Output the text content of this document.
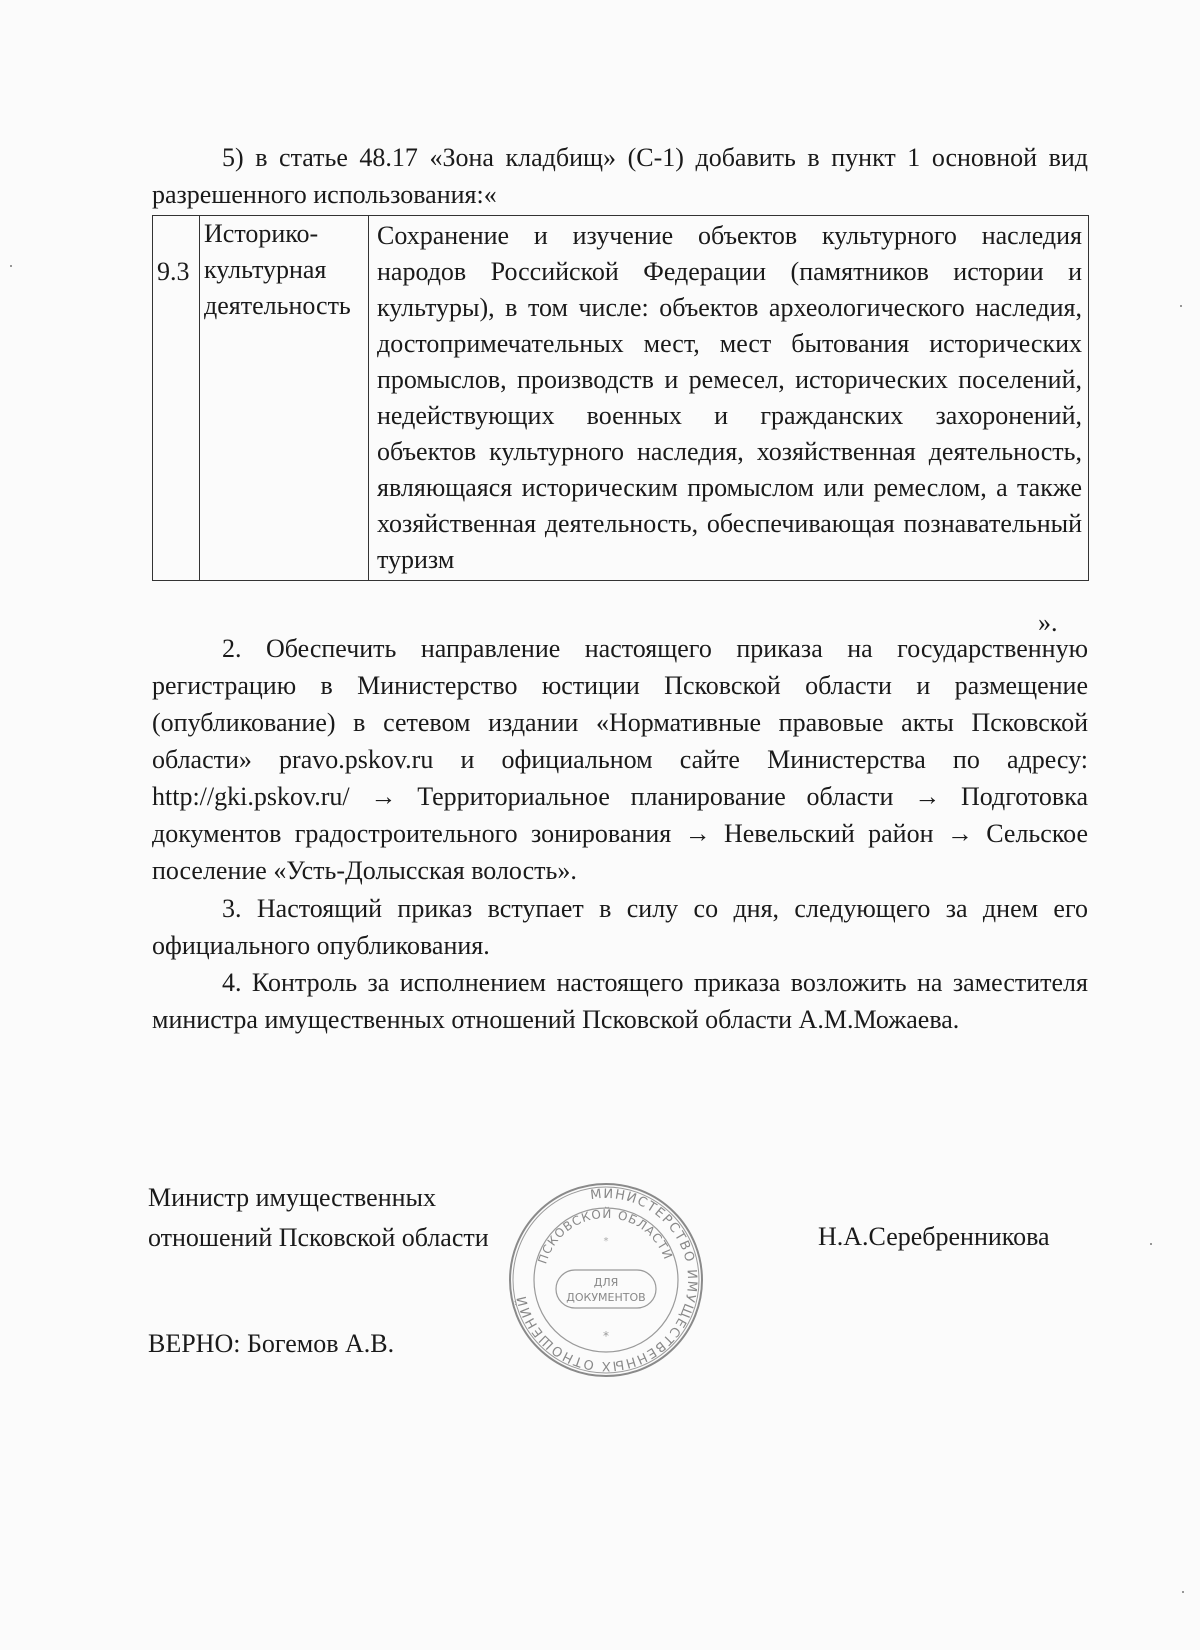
5) в статье 48.17 «Зона кладбищ» (С-1) добавить в пункт 1 основной вид разрешенного использования:«
9.3	Историко-культурная деятельность	Сохранение и изучение объектов культурного наследия народов Российской Федерации (памятников истории и культуры), в том числе: объектов археологического наследия, достопримечательных мест, мест бытования исторических промыслов, производств и ремесел, исторических поселений, недействующих военных и гражданских захоронений, объектов культурного наследия, хозяйственная деятельность, являющаяся историческим промыслом или ремеслом, а также хозяйственная деятельность, обеспечивающая познавательный туризм
».
2. Обеспечить направление настоящего приказа на государственную регистрацию в Министерство юстиции Псковской области и размещение (опубликование) в сетевом издании «Нормативные правовые акты Псковской области» pravo.pskov.ru и официальном сайте Министерства по адресу: http://gki.pskov.ru/ → Территориальное планирование области → Подготовка документов градостроительного зонирования → Невельский район → Сельское поселение «Усть-Долысская волость».
3. Настоящий приказ вступает в силу со дня, следующего за днем его официального опубликования.
4. Контроль за исполнением настоящего приказа возложить на заместителя министра имущественных отношений Псковской области А.М.Можаева.
Министр имущественных
отношений Псковской области	Н.А.Серебренникова
ВЕРНО: Богемов А.В.
МИНИСТЕРСТВО ИМУЩЕСТВЕННЫХ ОТНОШЕНИЙ
ПСКОВСКОЙ ОБЛАСТИ
ДЛЯ
ДОКУМЕНТОВ
*
*
